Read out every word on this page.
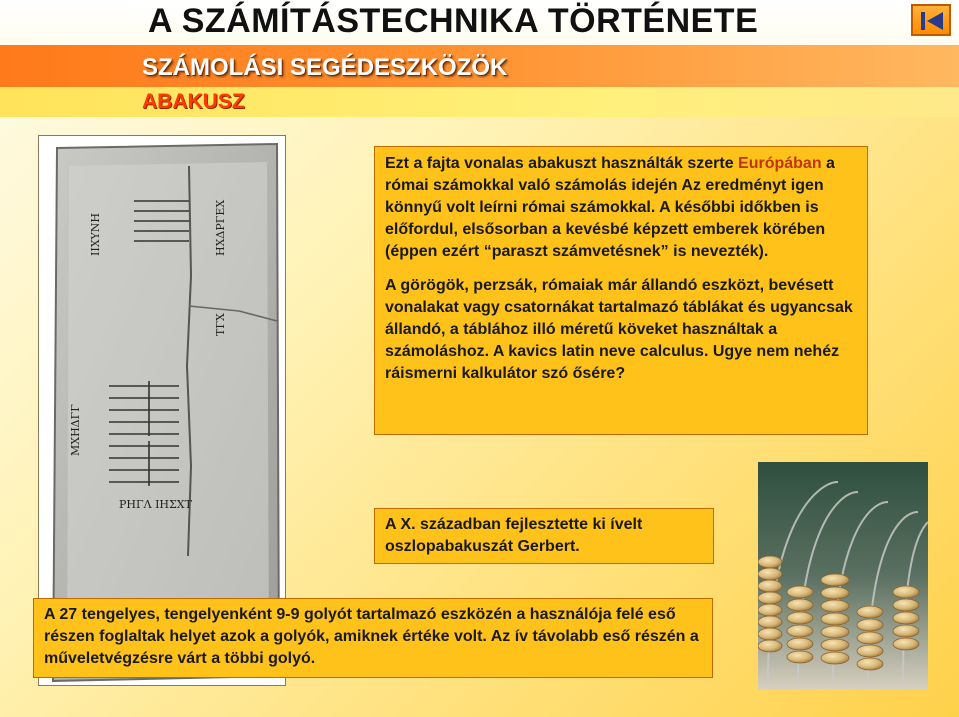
A SZÁMÍTÁSTECHNIKA TÖRTÉNETE
SZÁMOLÁSI SEGÉDESZKÖZÖK
ABAKUSZ
ΜΧΗΔΓΓ
ΙΙΧΥΝΗ	ΗΧΔΡΓΕΧ
ΤΓΧ
ΡΗΓΛ ΙΗΣΧΤ

Ezt a fajta vonalas abakuszt használták szerte Európában a római számokkal való számolás idején Az eredményt igen könnyű volt leírni római számokkal. A későbbi időkben is előfordul, elsősorban a kevésbé képzett emberek körében (éppen ezért “paraszt számvetésnek” is nevezték).

A görögök, perzsák, rómaiak már állandó eszközt, bevésett vonalakat vagy csatornákat tartalmazó táblákat és ugyancsak állandó, a táblához illó méretű köveket használtak a számoláshoz. A kavics latin neve calculus. Ugye nem nehéz ráismerni kalkulátor szó ősére?

A X. században fejlesztette ki ívelt oszlopabakuszát Gerbert.
A 27 tengelyes, tengelyenként 9-9 golyót tartalmazó eszközén a használója felé eső részen foglaltak helyet azok a golyók, amiknek értéke volt. Az ív távolabb eső részén a műveletvégzésre várt a többi golyó.
